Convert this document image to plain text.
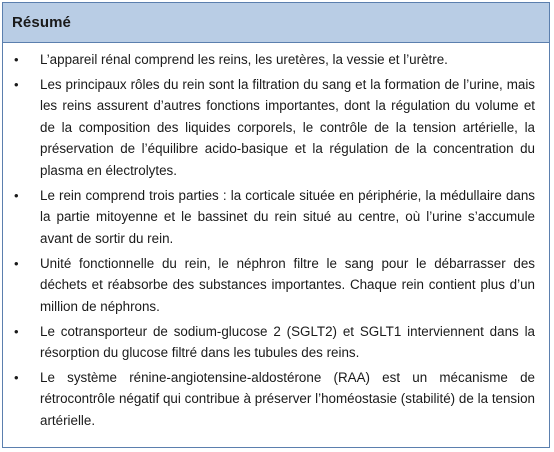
Résumé
•	L’appareil rénal comprend les reins, les uretères, la vessie et l’urètre.
•	Les principaux rôles du rein sont la filtration du sang et la formation de l’urine, mais les reins assurent d’autres fonctions importantes, dont la régulation du volume et de la composition des liquides corporels, le contrôle de la tension artérielle, la préservation de l’équilibre acido-basique et la régulation de la concentration du plasma en électrolytes.
•	Le rein comprend trois parties : la corticale située en périphérie, la médullaire dans la partie mitoyenne et le bassinet du rein situé au centre, où l’urine s’accumule avant de sortir du rein.
•	Unité fonctionnelle du rein, le néphron filtre le sang pour le débarrasser des déchets et réabsorbe des substances importantes. Chaque rein contient plus d’un million de néphrons.
•	Le cotransporteur de sodium-glucose 2 (SGLT2) et SGLT1 interviennent dans la résorption du glucose filtré dans les tubules des reins.
•	Le système rénine-angiotensine-aldostérone (RAA) est un mécanisme de rétrocontrôle négatif qui contribue à préserver l’homéostasie (stabilité) de la tension artérielle.
